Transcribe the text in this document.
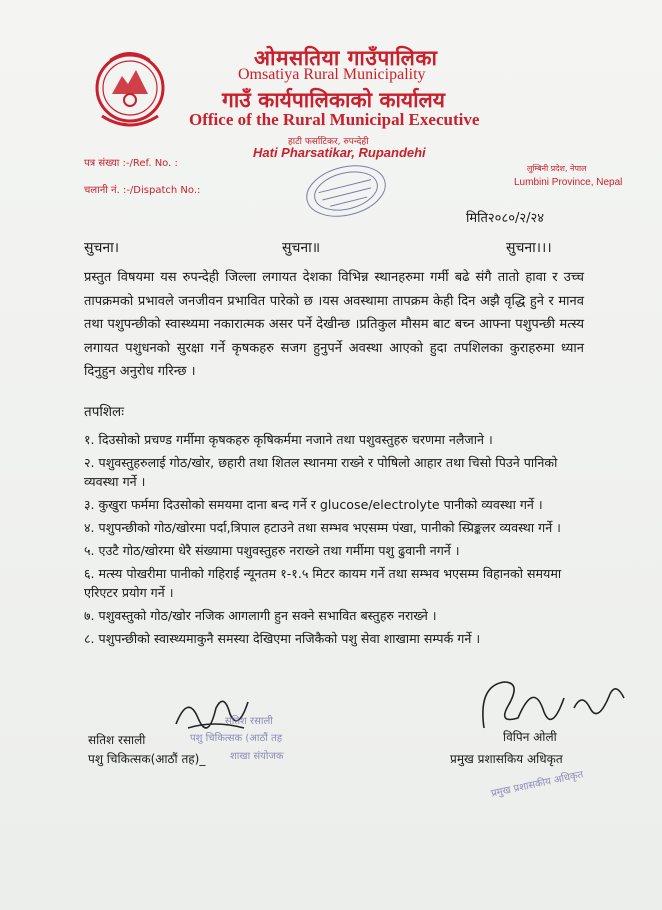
ओमसतिया गाउँपालिका
Omsatiya Rural Municipality
गाउँ कार्यपालिकाको कार्यालय
Office of the Rural Municipal Executive
हाटी फर्साटिकर, रुपन्देही
Hati Pharsatikar, Rupandehi
पत्र संख्या :-/Ref. No. :
चलानी नं. :-/Dispatch No.:
लुम्बिनी प्रदेश, नेपाल
Lumbini Province, Nepal
मिति२०८०/२/२४
सुचना।	सुचना॥	सुचना।।।
प्रस्तुत विषयमा यस रुपन्देही जिल्ला लगायत देशका विभिन्न स्थानहरुमा गर्मी बढे संगै तातो हावा र उच्च तापक्रमको प्रभावले जनजीवन प्रभावित पारेको छ ।यस अवस्थामा तापक्रम केही दिन अझै वृद्धि हुने र मानव तथा पशुपन्छीको स्वास्थ्यमा नकारात्मक असर पर्ने देखीन्छ ।प्रतिकुल मौसम बाट बच्न आफ्ना पशुपन्छी मत्स्य लगायत पशुधनको सुरक्षा गर्ने कृषकहरु सजग हुनुपर्ने अवस्था आएको हुदा तपशिलका कुराहरुमा ध्यान दिनुहुन अनुरोध गरिन्छ ।
तपशिलः
१. दिउसोको प्रचण्ड गर्मीमा कृषकहरु कृषिकर्ममा नजाने तथा पशुवस्तुहरु चरणमा नलैजाने ।
२. पशुवस्तुहरुलाई गोठ/खोर, छहारी तथा शितल स्थानमा राख्ने र पोषिलो आहार तथा चिसो पिउने पानिको व्यवस्था गर्ने ।
३. कुखुरा फर्ममा दिउसोको समयमा दाना बन्द गर्ने र glucose/electrolyte पानीको व्यवस्था गर्ने ।
४. पशुपन्छीको गोठ/खोरमा पर्दा,त्रिपाल हटाउने तथा सम्भव भएसम्म पंखा, पानीको स्प्रिङ्कलर व्यवस्था गर्ने ।
५. एउटै गोठ/खोरमा धेरै संख्यामा पशुवस्तुहरु नराख्ने तथा गर्मीमा पशु ढुवानी नगर्ने ।
६. मत्स्य पोखरीमा पानीको गहिराई न्यूनतम १-१.५ मिटर कायम गर्ने तथा सम्भव भएसम्म विहानको समयमा एरिएटर प्रयोग गर्ने ।
७. पशुवस्तुको गोठ/खोर नजिक आगलागी हुन सक्ने सभावित बस्तुहरु नराख्ने ।
८. पशुपन्छीको स्वास्थ्यमाकुनै समस्या देखिएमा नजिकैको पशु सेवा शाखामा सम्पर्क गर्ने ।
सतिश रसाली
पशु चिकित्सक (आठौं तह
शाखा संयोजक
प्रमुख प्रशासकीय अधिकृत
सतिश रसाली
पशु चिकित्सक(आठौं तह)_
विपिन ओली
प्रमुख प्रशासकिय अधिकृत
